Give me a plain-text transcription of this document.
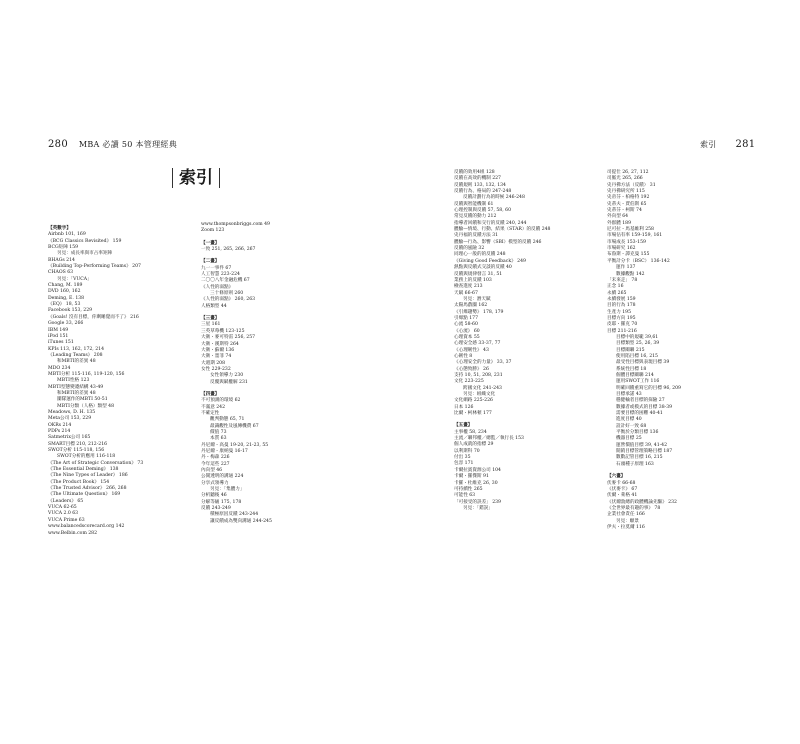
280 MBA 必讀 50 本管理經典	索引 281
索引
【英數字】
Airbnb 101, 169
《BCG Classics Revisited》 159
BCG矩陣 159
另見：成長率與市占率矩陣
BHAGs 214
《Building Top-Performing Teams》 207
CHAOS 63
另見：「VUCA」
Chang, M. 189
DVD 160, 162
Deming, E. 138
《EQ》 18, 53
Facebook 153, 229
《Goals! 沒有目標，你剩睡覺而不了》 216
Google 33, 266
IBM 149
iPod 151
iTunes 151
KPIs 113, 162, 172, 214
《Leading Teams》 208
和MBTI的差異 48
MDO 234
MBTI分析 115-116, 119-120, 156
MBTI性格 123
MBTI型態變遷結構 43-49
和MBTI的差異 48
團隊運作的MBTI 50-51
MBTI分類（人格）類型 48
Meadows, D. H. 135
Meta公司 153, 229
OKRs 214
PDPs 214
Satmetrix公司 165
SMART目標 210, 212-216
SWOT分析 115-118, 156
SWOT分析的應用 116-118
《The Art of Strategic Conversation》 73
《The Essential Deming》 138
《The Nine Types of Leader》 186
《The Product Book》 154
《The Trusted Advisor》 266, 268
《The Ultimate Question》 169
《Leaders》 65
VUCA 62-65
VUCA 2.0 63
VUCA Prime 63
www.balancedscorecard.org 142
www.Belbin.com 282
www.thompsonbriggs.com 49
Zoom 123
【一畫】
一致 251, 265, 266, 267
【二畫】
九一一事件 67
人工智慧 223-224
二〇〇八年金融危機 67
《人性的弱點》
三十條原則 260
《人性的弱點》 260, 263
人格類型 44
【三畫】
三星 161
三英草莓機 123-125
大衛・麥可特雷 256, 257
大衛・漢斯特 264
大衛・蘇爾 136
大衛・墨菲 74
大週期 208
女性 229-232
女性領導力 230
反覆與賦權解 231
【四畫】
不可預測的環境 62
不滿意 242
不確定性
觀判動態 65, 71
最識觀性及風傳機費 67
價值 73
本質 63
丹尼爾・高曼 19-20, 21-23, 55
丹尼爾・康納曼 16-17
丹・梅森 226
今年這些 227
內向型 46
公開透明的溝通 224
分享式領導力
另見：「集體力」
分析聽後 46
分解等級 175, 178
反饋 243-249
積極原因反饋 243-244
讓反饋成為雙向溝通 244-245
反饋的效用4組 128
反饋在高效的機制 227
反饋規則 133, 132, 134
反饋行為、格局的 247-248
反饋計劃行為的時候 246-248
反饋與智能機制 61
心理控制與反饋 57, 58, 60
常見反饋的動力 212
指導者回饋和交行的反饋 240, 244
體驗—情境、行動、結果（STAR）的反饋 248
史丹福的反饋方法 31
體驗—行為、影響（SBI）模型的反饋 246
反饋的風險 32
同理心一般的的反饋 248
《Giving Good Feedback》 249
熱點與反饋式交談的反饋 40
反饋與規律發言 31, 51
業務上的反饋 103
檢查進度 213
天賦 66-67
另見：潛天賦
太陽馬戲團 162
《引爆趨勢》 178, 179
引爆點 177
心流 58-60
《心流》 60
心理資本 55
心理安全感 33-37, 77
《心理韌性》 43
心韌性 8
《心理安全的力量》 33, 37
《心態致勝》 26
支持 10, 51, 208, 231
文化 223-225
跨國文化 241-243
另見：組織文化
文化網路 225-226
日本 126
比爾・柯林頓 177
【五畫】
主事權 58, 234
主流／聯邦權／總監／執行長 153
個人成就的指標 29
以利斯科 70
付出 35
包容 171
卡爾拉賓資源公司 104
卡爾・羅傑斯 91
卡羅・杜維克 26, 30
可持續性 265
可能性 63
「可接受的誤差」 239
另見：「錯誤」
司提仕 26, 27, 112
司脈光 265, 266
史丹佛方法（反饋） 31
史丹佛研究所 115
史帝芬・柏格特 192
史蒂夫・賈伯斯 65
史蒂芬・柯斯 74
外向型 64
外群體 189
尼可拉・馬基維利 258
市場佔有率 159-159, 161
市場成長 153-159
市場研究 162
布魯斯・譚克曼 155
平衡計分卡（BSC） 136-142
運作 137
數據觀點 142
「未來走」 78
正念 16
永續 265
永續發展 159
目的行為 178
生產力 195
目標方向 195
皮耶・羅克 70
目標 211-216
目標中的規範 39,61
目標類型 25, 26, 39
目標關聯 215
使用陷目標 16, 215
最受性目標與表現目標 39
系統性目標 18
個體目標關聯 214
運用SWOT工作 116
明確回饋重寫它的目標 96, 209
目標承諾 43
穩健輸者目標的探險 27
數據者或模式的目標 38-39
需要目標的困難 40-41
進度目標 40
設計好一致 68
平衡於分類目標 136
機器目標 25
運營價值目標 39, 41-42
開銷目標管理策略目標 187
數數記管目標 16, 215
石頭種子原理 163
【六畫】
伏麥卡 66-68
《伏麥卡》 67
伏爾・萊格 41
《伏爾敦總的政體機論先驅》 232
《全世界最有趣的事》 78
企業社會責任 166
另見：願景
伊夫・拉莫爾 116
